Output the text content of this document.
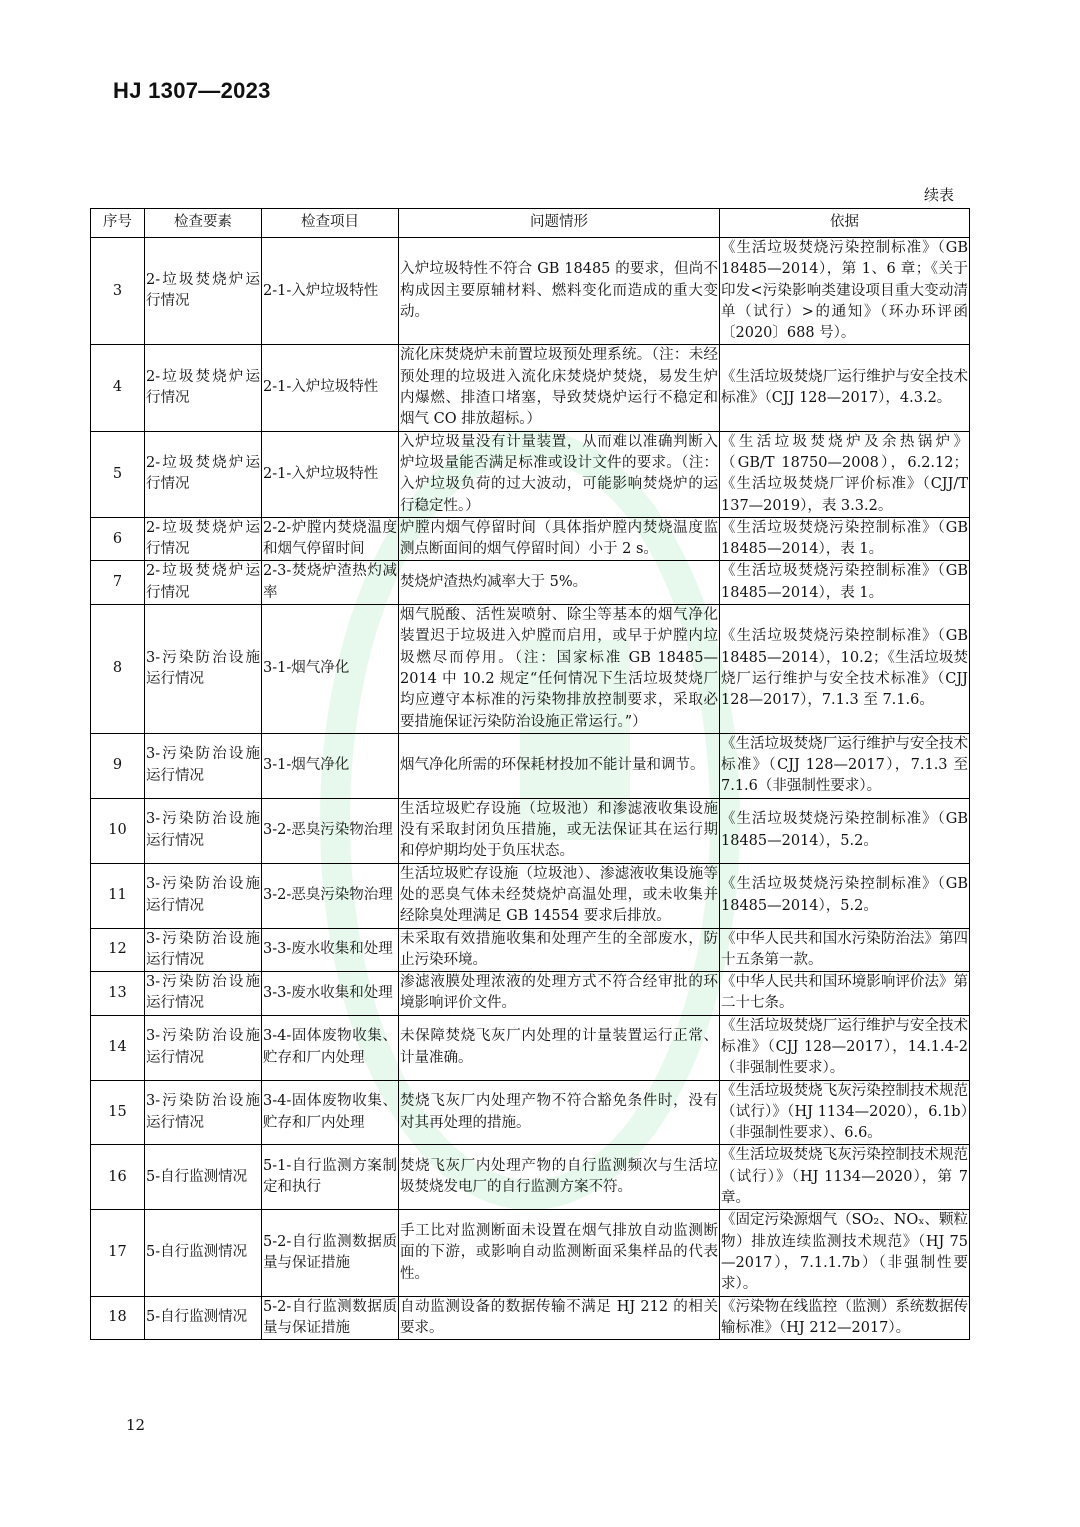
HJ 1307—2023
续表
序号	检查要素	检查项目	问题情形	依据
3	2-垃圾焚烧炉运行情况	2-1-入炉垃圾特性	入炉垃圾特性不符合 GB 18485 的要求，但尚不构成因主要原辅材料、燃料变化而造成的重大变动。	《生活垃圾焚烧污染控制标准》（GB 18485—2014），第 1、6 章；《关于印发<污染影响类建设项目重大变动清单（试行）>的通知》（环办环评函〔2020〕688 号）。
4	2-垃圾焚烧炉运行情况	2-1-入炉垃圾特性	流化床焚烧炉未前置垃圾预处理系统。（注：未经预处理的垃圾进入流化床焚烧炉焚烧，易发生炉内爆燃、排渣口堵塞，导致焚烧炉运行不稳定和烟气 CO 排放超标。）	《生活垃圾焚烧厂运行维护与安全技术标准》（CJJ 128—2017），4.3.2。
5	2-垃圾焚烧炉运行情况	2-1-入炉垃圾特性	入炉垃圾量没有计量装置，从而难以准确判断入炉垃圾量能否满足标准或设计文件的要求。（注：入炉垃圾负荷的过大波动，可能影响焚烧炉的运行稳定性。）	《生活垃圾焚烧炉及余热锅炉》（GB/T 18750—2008），6.2.12；《生活垃圾焚烧厂评价标准》（CJJ/T 137—2019），表 3.3.2。
6	2-垃圾焚烧炉运行情况	2-2-炉膛内焚烧温度和烟气停留时间	炉膛内烟气停留时间（具体指炉膛内焚烧温度监测点断面间的烟气停留时间）小于 2 s。	《生活垃圾焚烧污染控制标准》（GB 18485—2014），表 1。
7	2-垃圾焚烧炉运行情况	2-3-焚烧炉渣热灼减率	焚烧炉渣热灼减率大于 5%。	《生活垃圾焚烧污染控制标准》（GB 18485—2014），表 1。
8	3-污染防治设施运行情况	3-1-烟气净化	烟气脱酸、活性炭喷射、除尘等基本的烟气净化装置迟于垃圾进入炉膛而启用，或早于炉膛内垃圾燃尽而停用。（注：国家标准 GB 18485—2014 中 10.2 规定“任何情况下生活垃圾焚烧厂均应遵守本标准的污染物排放控制要求，采取必要措施保证污染防治设施正常运行。”）	《生活垃圾焚烧污染控制标准》（GB 18485—2014），10.2；《生活垃圾焚烧厂运行维护与安全技术标准》（CJJ 128—2017），7.1.3 至 7.1.6。
9	3-污染防治设施运行情况	3-1-烟气净化	烟气净化所需的环保耗材投加不能计量和调节。	《生活垃圾焚烧厂运行维护与安全技术标准》（CJJ 128—2017），7.1.3 至 7.1.6（非强制性要求）。
10	3-污染防治设施运行情况	3-2-恶臭污染物治理	生活垃圾贮存设施（垃圾池）和渗滤液收集设施没有采取封闭负压措施，或无法保证其在运行期和停炉期均处于负压状态。	《生活垃圾焚烧污染控制标准》（GB 18485—2014），5.2。
11	3-污染防治设施运行情况	3-2-恶臭污染物治理	生活垃圾贮存设施（垃圾池）、渗滤液收集设施等处的恶臭气体未经焚烧炉高温处理，或未收集并经除臭处理满足 GB 14554 要求后排放。	《生活垃圾焚烧污染控制标准》（GB 18485—2014），5.2。
12	3-污染防治设施运行情况	3-3-废水收集和处理	未采取有效措施收集和处理产生的全部废水，防止污染环境。	《中华人民共和国水污染防治法》第四十五条第一款。
13	3-污染防治设施运行情况	3-3-废水收集和处理	渗滤液膜处理浓液的处理方式不符合经审批的环境影响评价文件。	《中华人民共和国环境影响评价法》第二十七条。
14	3-污染防治设施运行情况	3-4-固体废物收集、贮存和厂内处理	未保障焚烧飞灰厂内处理的计量装置运行正常、计量准确。	《生活垃圾焚烧厂运行维护与安全技术标准》（CJJ 128—2017），14.1.4-2（非强制性要求）。
15	3-污染防治设施运行情况	3-4-固体废物收集、贮存和厂内处理	焚烧飞灰厂内处理产物不符合豁免条件时，没有对其再处理的措施。	《生活垃圾焚烧飞灰污染控制技术规范（试行）》（HJ 1134—2020），6.1b）（非强制性要求）、6.6。
16	5-自行监测情况	5-1-自行监测方案制定和执行	焚烧飞灰厂内处理产物的自行监测频次与生活垃圾焚烧发电厂的自行监测方案不符。	《生活垃圾焚烧飞灰污染控制技术规范（试行）》（HJ 1134—2020），第 7 章。
17	5-自行监测情况	5-2-自行监测数据质量与保证措施	手工比对监测断面未设置在烟气排放自动监测断面的下游，或影响自动监测断面采集样品的代表性。	《固定污染源烟气（SO₂、NOₓ、颗粒物）排放连续监测技术规范》（HJ 75—2017），7.1.1.7b）（非强制性要求）。
18	5-自行监测情况	5-2-自行监测数据质量与保证措施	自动监测设备的数据传输不满足 HJ 212 的相关要求。	《污染物在线监控（监测）系统数据传输标准》（HJ 212—2017）。
12
